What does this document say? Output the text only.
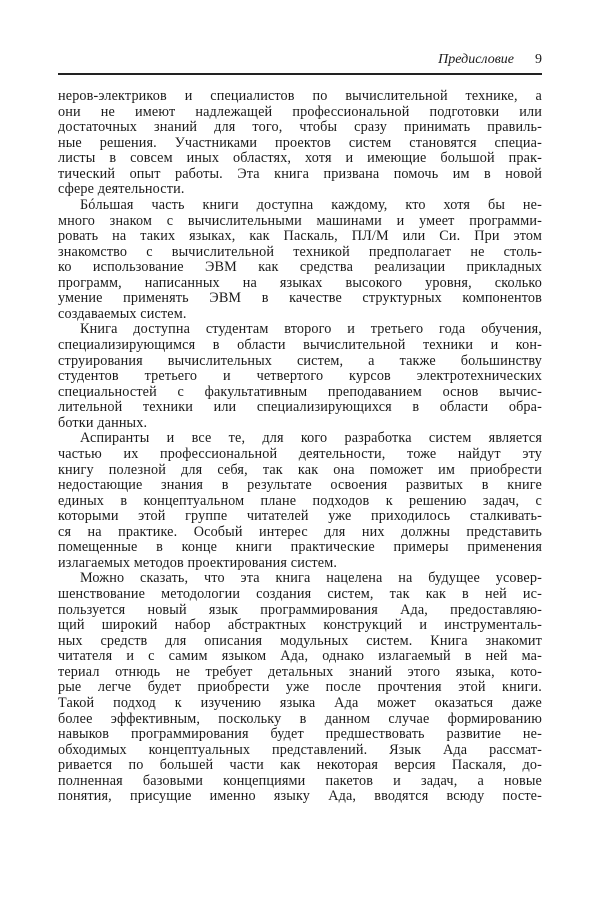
Предисловие 9
неров-электриков и специалистов по вычислительной технике, а
они не имеют надлежащей профессиональной подготовки или
достаточных знаний для того, чтобы сразу принимать правиль-
ные решения. Участниками проектов систем становятся специа-
листы в совсем иных областях, хотя и имеющие большой прак-
тический опыт работы. Эта книга призвана помочь им в новой
сфере деятельности.
Бóльшая часть книги доступна каждому, кто хотя бы не-
много знаком с вычислительными машинами и умеет программи-
ровать на таких языках, как Паскаль, ПЛ/М или Си. При этом
знакомство с вычислительной техникой предполагает не столь-
ко использование ЭВМ как средства реализации прикладных
программ, написанных на языках высокого уровня, сколько
умение применять ЭВМ в качестве структурных компонентов
создаваемых систем.
Книга доступна студентам второго и третьего года обучения,
специализирующимся в области вычислительной техники и кон-
струирования вычислительных систем, а также большинству
студентов третьего и четвертого курсов электротехнических
специальностей с факультативным преподаванием основ вычис-
лительной техники или специализирующихся в области обра-
ботки данных.
Аспиранты и все те, для кого разработка систем является
частью их профессиональной деятельности, тоже найдут эту
книгу полезной для себя, так как она поможет им приобрести
недостающие знания в результате освоения развитых в книге
единых в концептуальном плане подходов к решению задач, с
которыми этой группе читателей уже приходилось сталкивать-
ся на практике. Особый интерес для них должны представить
помещенные в конце книги практические примеры применения
излагаемых методов проектирования систем.
Можно сказать, что эта книга нацелена на будущее усовер-
шенствование методологии создания систем, так как в ней ис-
пользуется новый язык программирования Ада, предоставляю-
щий широкий набор абстрактных конструкций и инструменталь-
ных средств для описания модульных систем. Книга знакомит
читателя и с самим языком Ада, однако излагаемый в ней ма-
териал отнюдь не требует детальных знаний этого языка, кото-
рые легче будет приобрести уже после прочтения этой книги.
Такой подход к изучению языка Ада может оказаться даже
более эффективным, поскольку в данном случае формированию
навыков программирования будет предшествовать развитие не-
обходимых концептуальных представлений. Язык Ада рассмат-
ривается по большей части как некоторая версия Паскаля, до-
полненная базовыми концепциями пакетов и задач, а новые
понятия, присущие именно языку Ада, вводятся всюду посте-
